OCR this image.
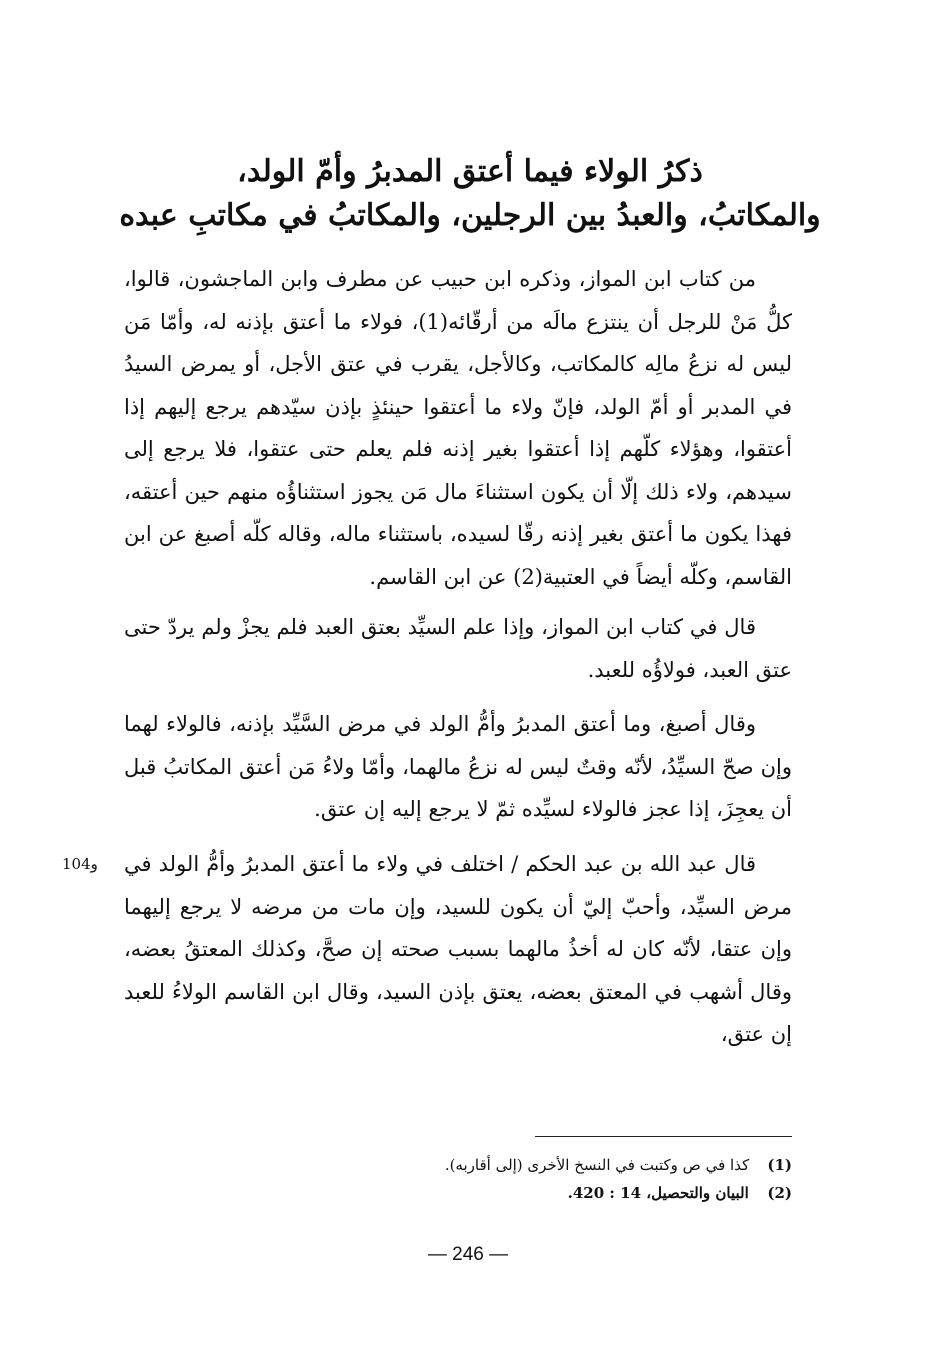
ذكرُ الولاء فيما أعتق المدبرُ وأمّ الولد،
والمكاتبُ، والعبدُ بين الرجلين، والمكاتبُ في مكاتبِ عبده
من كتاب ابن المواز، وذكره ابن حبيب عن مطرف وابن الماجشون، قالوا، كلُّ مَنْ للرجل أن ينتزع مالَه من أرقّائه(1)، فولاء ما أعتق بإذنه له، وأمّا مَن ليس له نزعُ مالِه كالمكاتب، وكالأجل، يقرب في عتق الأجل، أو يمرض السيدُ في المدبر أو أمّ الولد، فإنّ ولاء ما أعتقوا حينئذٍ بإذن سيّدهم يرجع إليهم إذا أعتقوا، وهؤلاء كلّهم إذا أعتقوا بغير إذنه فلم يعلم حتى عتقوا، فلا يرجع إلى سيدهم، ولاء ذلك إلّا أن يكون استثناءَ مال مَن يجوز استثناؤُه منهم حين أعتقه، فهذا يكون ما أعتق بغير إذنه رقّا لسيده، باستثناء ماله، وقاله كلّه أصبغ عن ابن القاسم، وكلّه أيضاً في العتبية(2) عن ابن القاسم.
قال في كتاب ابن المواز، وإذا علم السيِّد بعتق العبد فلم يجزْ ولم يردّ حتى عتق العبد، فولاؤُه للعبد.
وقال أصبغ، وما أعتق المدبرُ وأمُّ الولد في مرض السَّيِّد بإذنه، فالولاء لهما وإن صحّ السيِّدُ، لأنّه وقتٌ ليس له نزعُ مالهما، وأمّا ولاءُ مَن أعتق المكاتبُ قبل أن يعجِزَ، إذا عجز فالولاء لسيِّده ثمّ لا يرجع إليه إن عتق.
قال عبد الله بن عبد الحكم / اختلف في ولاء ما أعتق المدبرُ وأمُّ الولد في مرض السيِّد، وأحبّ إليّ أن يكون للسيد، وإن مات من مرضه لا يرجع إليهما وإن عتقا، لأنّه كان له أخذُ مالهما بسبب صحته إن صحَّ، وكذلك المعتقُ بعضه، وقال أشهب في المعتق بعضه، يعتق بإذن السيد، وقال ابن القاسم الولاءُ للعبد إن عتق،
104و
(1) كذا في ص وكتبت في النسخ الأخرى (إلى أقاربه).
(2) البيان والتحصيل، 14 : 420.
— 246 —
